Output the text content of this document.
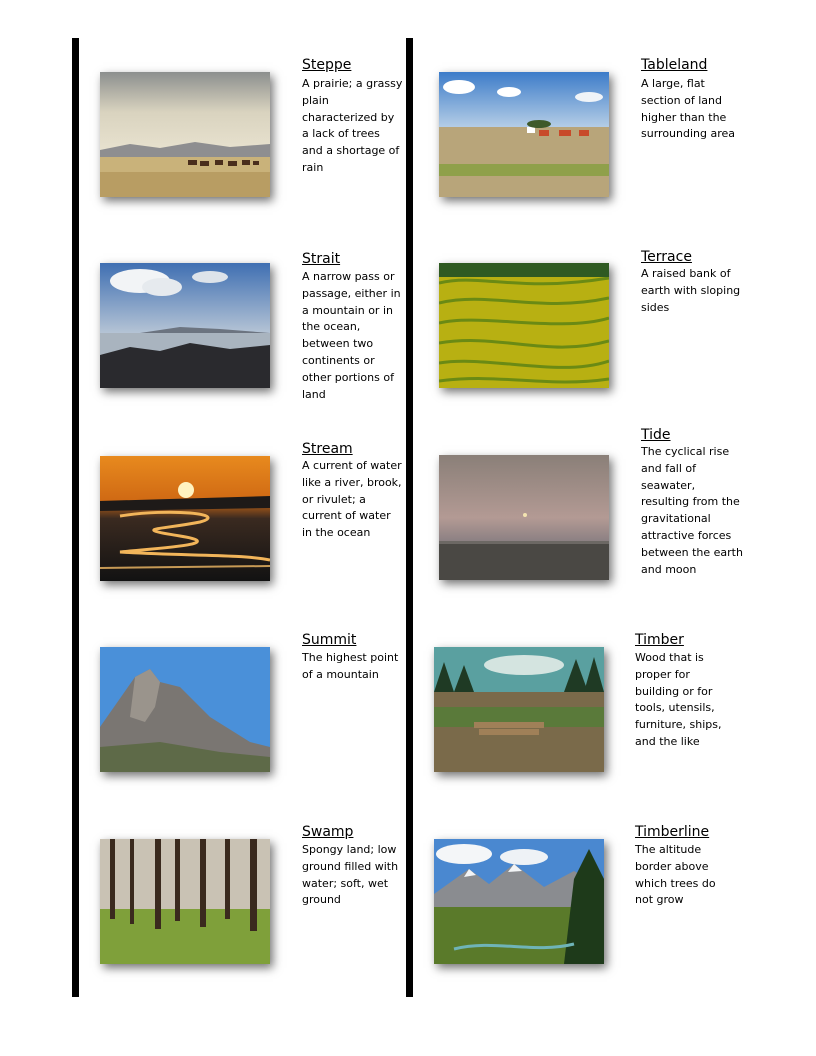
Steppe

A prairie; a grassy plain characterized by a lack of trees and a shortage of rain

Strait

A narrow pass or passage, either in a mountain or in the ocean, between two continents or other portions of land

Stream

A current of water like a river, brook, or rivulet; a current of water in the ocean

Summit

The highest point of a mountain

Swamp

Spongy land; low ground filled with water; soft, wet ground

Tableland

A large, flat section of land higher than the surrounding area

Terrace

A raised bank of earth with sloping sides

Tide

The cyclical rise and fall of seawater, resulting from the gravitational attractive forces between the earth and moon

Timber

Wood that is proper for building or for tools, utensils, furniture, ships, and the like

Timberline

The altitude border above which trees do not grow
